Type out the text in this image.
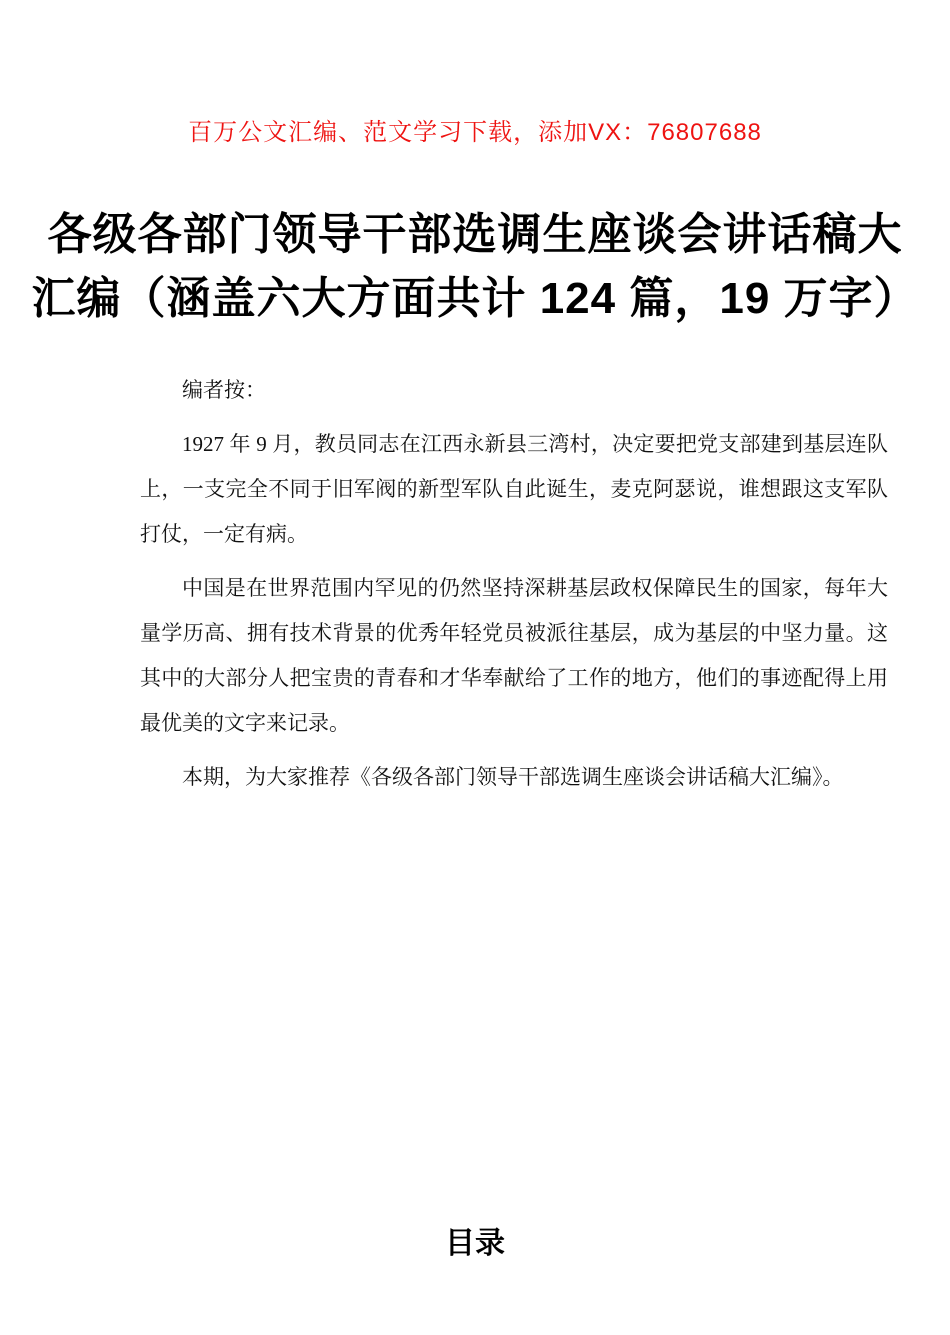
百万公文汇编、范文学习下载，添加VX：76807688
各级各部门领导干部选调生座谈会讲话稿大
汇编（涵盖六大方面共计 124 篇，19 万字）

编者按：

1927 年 9 月，教员同志在江西永新县三湾村，决定要把党支部建到基层连队上，一支完全不同于旧军阀的新型军队自此诞生，麦克阿瑟说，谁想跟这支军队打仗，一定有病。

中国是在世界范围内罕见的仍然坚持深耕基层政权保障民生的国家，每年大量学历高、拥有技术背景的优秀年轻党员被派往基层，成为基层的中坚力量。这其中的大部分人把宝贵的青春和才华奉献给了工作的地方，他们的事迹配得上用最优美的文字来记录。

本期，为大家推荐《各级各部门领导干部选调生座谈会讲话稿大汇编》。

目录
